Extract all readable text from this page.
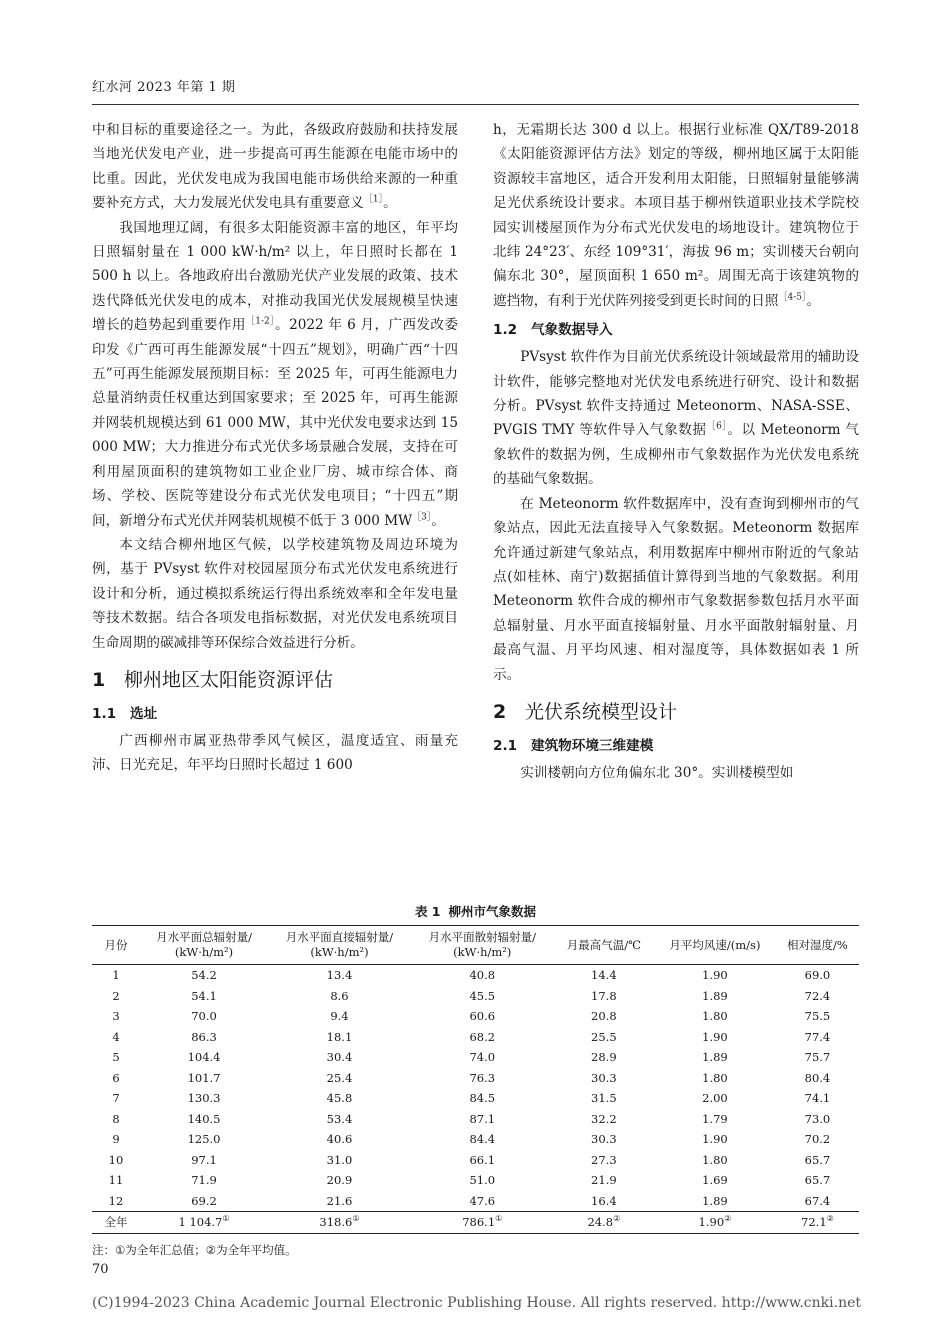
红水河 2023 年第 1 期

中和目标的重要途径之一。为此，各级政府鼓励和扶持发展当地光伏发电产业，进一步提高可再生能源在电能市场中的比重。因此，光伏发电成为我国电能市场供给来源的一种重要补充方式，大力发展光伏发电具有重要意义$^{[1]}$。

我国地理辽阔，有很多太阳能资源丰富的地区，年平均日照辐射量在 1 000 kW·h/m² 以上，年日照时长都在 1 500 h 以上。各地政府出台激励光伏产业发展的政策、技术迭代降低光伏发电的成本，对推动我国光伏发展规模呈快速增长的趋势起到重要作用$^{[1-2]}$。2022 年 6 月，广西发改委印发《广西可再生能源发展“十四五”规划》，明确广西“十四五”可再生能源发展预期目标：至 2025 年，可再生能源电力总量消纳责任权重达到国家要求；至 2025 年，可再生能源并网装机规模达到 61 000 MW，其中光伏发电要求达到 15 000 MW；大力推进分布式光伏多场景融合发展，支持在可利用屋顶面积的建筑物如工业企业厂房、城市综合体、商场、学校、医院等建设分布式光伏发电项目；“十四五”期间，新增分布式光伏并网装机规模不低于 3 000 $MW^{[3]}$。

本文结合柳州地区气候，以学校建筑物及周边环境为例，基于 PVsyst 软件对校园屋顶分布式光伏发电系统进行设计和分析，通过模拟系统运行得出系统效率和全年发电量等技术数据。结合各项发电指标数据，对光伏发电系统项目生命周期的碳减排等环保综合效益进行分析。

1 柳州地区太阳能资源评估
1.1 选址

广西柳州市属亚热带季风气候区，温度适宜、雨量充沛、日光充足，年平均日照时长超过 1 600

h，无霜期长达 300 d 以上。根据行业标准 QX/T89-2018《太阳能资源评估方法》划定的等级，柳州地区属于太阳能资源较丰富地区，适合开发利用太阳能，日照辐射量能够满足光伏系统设计要求。本项目基于柳州铁道职业技术学院校园实训楼屋顶作为分布式光伏发电的场地设计。建筑物位于北纬 24°23′、东经 109°31′，海拔 96 m；实训楼天台朝向偏东北 30°，屋顶面积 1 650 m²。周围无高于该建筑物的遮挡物，有利于光伏阵列接受到更长时间的日照$^{[4-5]}$。

1.2 气象数据导入

PVsyst 软件作为目前光伏系统设计领域最常用的辅助设计软件，能够完整地对光伏发电系统进行研究、设计和数据分析。PVsyst 软件支持通过 Meteonorm、NASA-SSE、PVGIS TMY 等软件导入气象数据$^{[6]}$。以 Meteonorm 气象软件的数据为例，生成柳州市气象数据作为光伏发电系统的基础气象数据。

在 Meteonorm 软件数据库中，没有查询到柳州市的气象站点，因此无法直接导入气象数据。Meteonorm 数据库允许通过新建气象站点，利用数据库中柳州市附近的气象站点(如桂林、南宁)数据插值计算得到当地的气象数据。利用 Meteonorm 软件合成的柳州市气象数据参数包括月水平面总辐射量、月水平面直接辐射量、月水平面散射辐射量、月最高气温、月平均风速、相对湿度等，具体数据如表 1 所示。

2 光伏系统模型设计
2.1 建筑物环境三维建模

实训楼朝向方位角偏东北 30°。实训楼模型如

表 1 柳州市气象数据
月份	月水平面总辐射量/
(kW·h/m²)	月水平面直接辐射量/
(kW·h/m²)	月水平面散射辐射量/
(kW·h/m²)	月最高气温/℃	月平均风速/(m/s)	相对湿度/%
1	54.2	13.4	40.8	14.4	1.90	69.0
2	54.1	8.6	45.5	17.8	1.89	72.4
3	70.0	9.4	60.6	20.8	1.80	75.5
4	86.3	18.1	68.2	25.5	1.90	77.4
5	104.4	30.4	74.0	28.9	1.89	75.7
6	101.7	25.4	76.3	30.3	1.80	80.4
7	130.3	45.8	84.5	31.5	2.00	74.1
8	140.5	53.4	87.1	32.2	1.79	73.0
9	125.0	40.6	84.4	30.3	1.90	70.2
10	97.1	31.0	66.1	27.3	1.80	65.7
11	71.9	20.9	51.0	21.9	1.69	65.7
12	69.2	21.6	47.6	16.4	1.89	67.4
全年	1 104.7①	318.6①	786.1①	24.8②	1.90②	72.1②
注：①为全年汇总值；②为全年平均值。
70
(C)1994-2023 China Academic Journal Electronic Publishing House. All rights reserved. http://www.cnki.net
